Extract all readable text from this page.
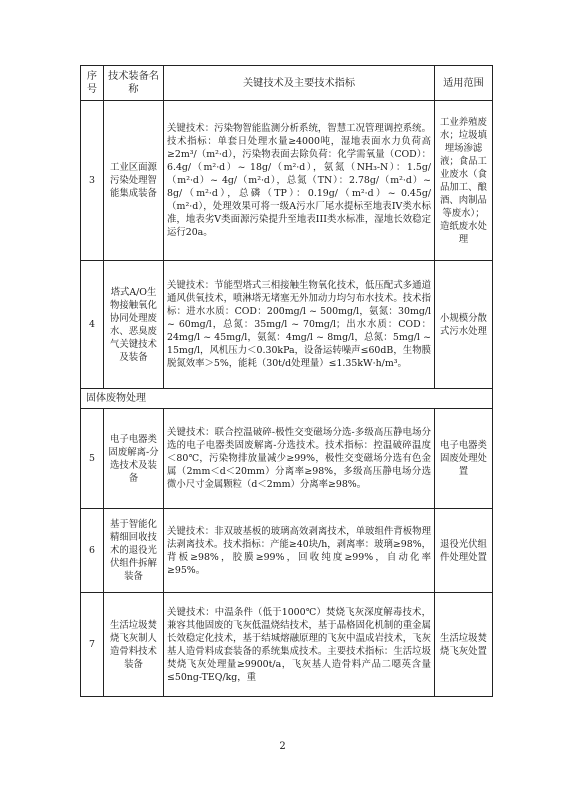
序号	技术装备名称	关键技术及主要技术指标	适用范围
3	工业区面源污染处理智能集成装备	关键技术：污染物智能监测分析系统，智慧工况管理调控系统。技术指标：单套日处理水量≥4000吨，湿地表面水力负荷高≥2m³/（m²·d），污染物表面去除负荷：化学需氧量（COD）：6.4g/（m²·d）~ 18g/（m²·d），氨氮（NH₃-N）：1.5g/（m²·d）~ 4g/（m²·d），总氮（TN）：2.78g/（m²·d）~ 8g/（m²·d），总磷（TP）：0.19g/（m²·d）~ 0.45g/（m²·d），处理效果可将一级A污水厂尾水提标至地表IV类水标准，地表劣V类面源污染提升至地表III类水标准，湿地长效稳定运行20a。	工业养殖废水；垃圾填埋场渗滤液；食品工业废水（食品加工、酿酒、肉制品等废水）；造纸废水处理
4	塔式A/O生物接触氧化协同处理废水、恶臭废气关键技术及装备	关键技术：节能型塔式三相接触生物氧化技术，低压配式多通道通风供氧技术，喷淋塔无堵塞无外加动力均匀布水技术。技术指标：进水水质：COD：200mg/l ~ 500mg/l，氨氮：30mg/l ~ 60mg/l，总氮：35mg/l ~ 70mg/l；出水水质：COD：24mg/l ~ 45mg/l，氨氮：4mg/l ~ 8mg/l，总氮：5mg/l ~ 15mg/l，风机压力＜0.30kPa，设备运转噪声≤60dB，生物膜脱氮效率＞5%，能耗（30t/d处理量）≤1.35kW·h/m³。	小规模分散式污水处理
固体废物处理			
5	电子电器类固废解离-分选技术及装备	关键技术：联合控温破碎-极性交变磁场分选-多级高压静电场分选的电子电器类固废解离-分选技术。技术指标：控温破碎温度＜80℃，污染物排放量减少≥99%，极性交变磁场分选有色金属（2mm＜d＜20mm）分离率≥98%，多级高压静电场分选微小尺寸金属颗粒（d＜2mm）分离率≥98%。	电子电器类固废处理处置
6	基于智能化精细回收技术的退役光伏组件拆解装备	关键技术：非双玻基板的玻璃高效剥离技术，单玻组件背板物理法剥离技术。技术指标：产能≥40块/h，剥离率：玻璃≥98%，背板≥98%，胶膜≥99%，回收纯度≥99%，自动化率≥95%。	退役光伏组件处理处置
7	生活垃圾焚烧飞灰制人造骨料技术装备	关键技术：中温条件（低于1000℃）焚烧飞灰深度解毒技术，兼容其他固废的飞灰低温烧结技术，基于晶格固化机制的重金属长效稳定化技术，基于结城熔融原理的飞灰中温成岩技术，飞灰基人造骨料成套装备的系统集成技术。主要技术指标：生活垃圾焚烧飞灰处理量≥9900t/a，飞灰基人造骨料产品二噁英含量≤50ng-TEQ/kg，重	生活垃圾焚烧飞灰处置
2
